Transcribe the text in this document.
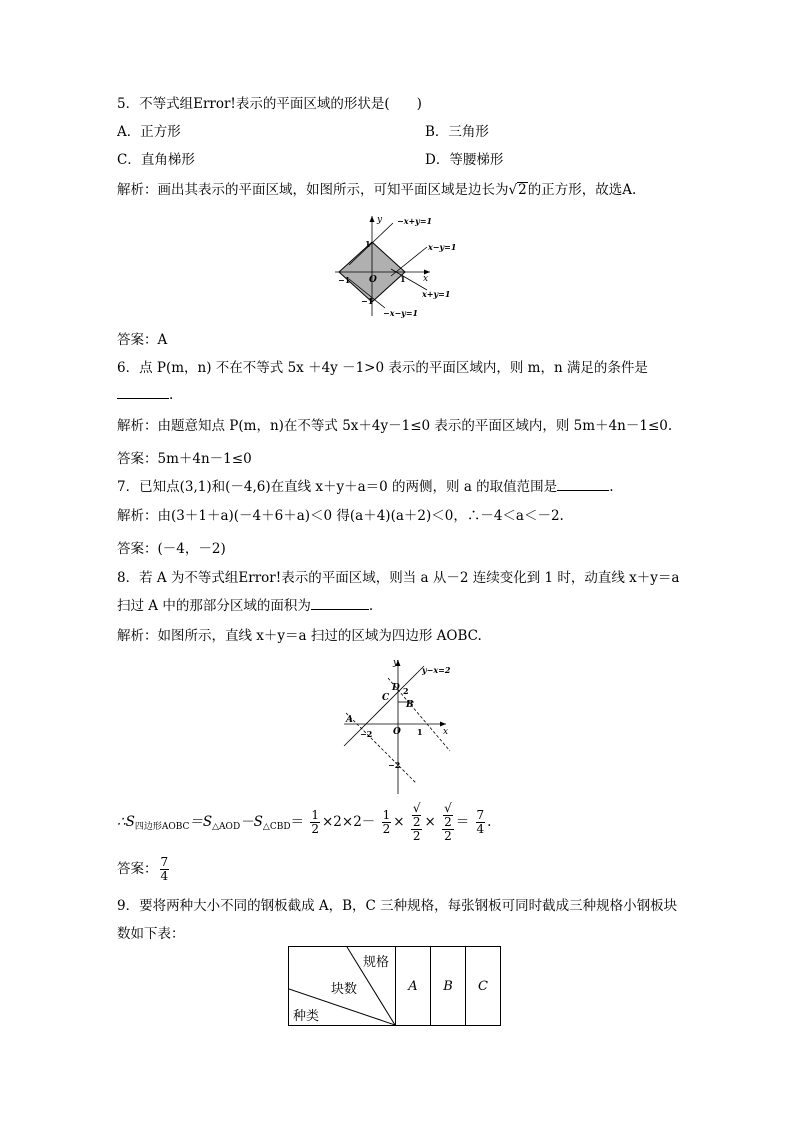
5．不等式组Error!表示的平面区域的形状是(　　)
A．正方形	B．三角形
C．直角梯形	D．等腰梯形
解析：画出其表示的平面区域，如图所示，可知平面区域是边长为√2的正方形，故选A.
y
x
O
1
1
−1
−1
−x+y=1
x−y=1
x+y=1
−x−y=1
答案：A
6．点 P(m，n) 不在不等式 5x ＋4y －1>0 表示的平面区域内，则 m，n 满足的条件是
.
解析：由题意知点 P(m，n)在不等式 5x＋4y－1≤0 表示的平面区域内，则 5m＋4n－1≤0.
答案：5m＋4n－1≤0
7．已知点(3,1)和(－4,6)在直线 x＋y＋a＝0 的两侧，则 a 的取值范围是	.
解析：由(3＋1＋a)(－4＋6＋a)＜0 得(a＋4)(a＋2)＜0，∴－4＜a＜－2.
答案：(－4，－2)
8．若 A 为不等式组Error!表示的平面区域，则当 a 从－2 连续变化到 1 时，动直线 x＋y＝a
扫过 A 中的那部分区域的面积为	.
解析：如图所示，直线 x＋y＝a 扫过的区域为四边形 AOBC.
y
x
O
y−x=2
D
C
B
A
2
−2	1
−2
$\therefore S_{四边形AOBC}=S_{\triangle AOD}-S_{\triangle CBD}= \frac{1}{2} \times 2\times 2- \frac{1}{2}$ × √
2
2 × √
2
$2 = \frac{7}{4}$ .
答案： $\frac{7}{4}$
9．要将两种大小不同的钢板截成 A，B，C 三种规格，每张钢板可同时截成三种规格小钢板块
数如下表：
规格
块数
种类
	A	B	C
